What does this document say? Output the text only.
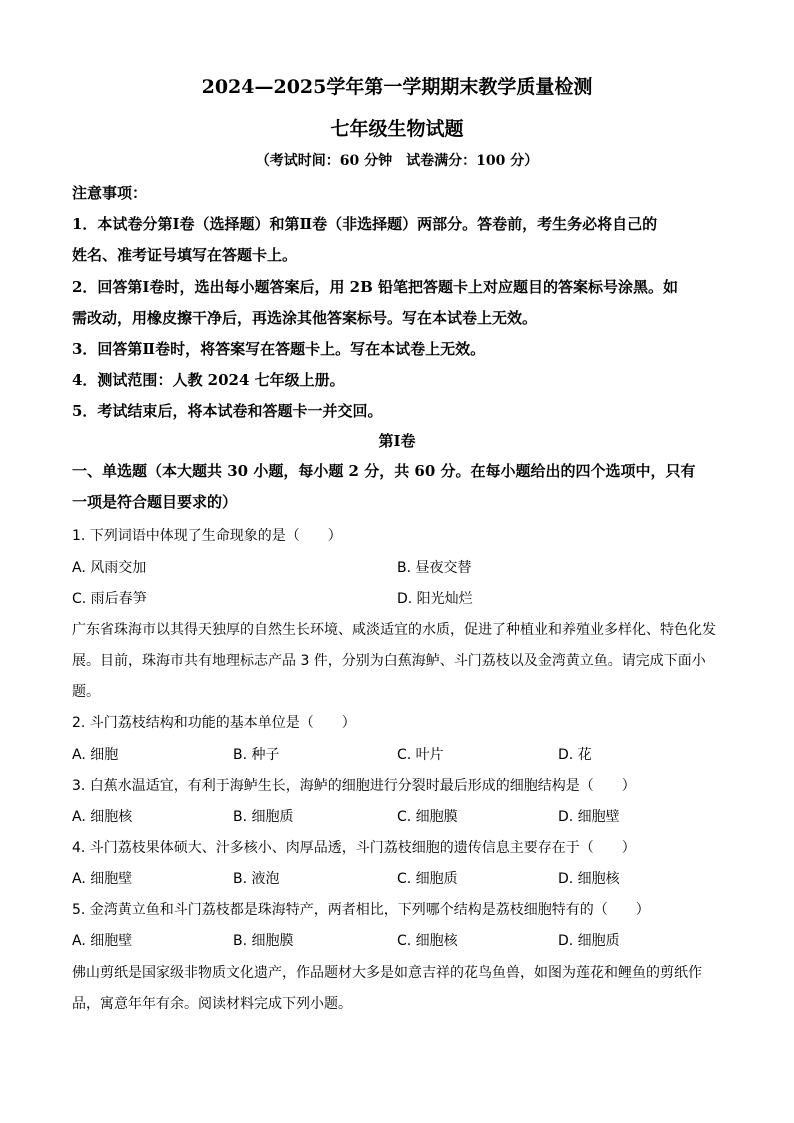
2024—2025学年第一学期期末教学质量检测
七年级生物试题
（考试时间：60 分钟　试卷满分：100 分）
注意事项：
1．本试卷分第Ⅰ卷（选择题）和第Ⅱ卷（非选择题）两部分。答卷前，考生务必将自己的
姓名、准考证号填写在答题卡上。
2．回答第Ⅰ卷时，选出每小题答案后，用 2B 铅笔把答题卡上对应题目的答案标号涂黑。如
需改动，用橡皮擦干净后，再选涂其他答案标号。写在本试卷上无效。
3．回答第Ⅱ卷时，将答案写在答题卡上。写在本试卷上无效。
4．测试范围：人教 2024 七年级上册。
5．考试结束后，将本试卷和答题卡一并交回。
第Ⅰ卷
一、单选题（本大题共 30 小题，每小题 2 分，共 60 分。在每小题给出的四个选项中，只有
一项是符合题目要求的）
1. 下列词语中体现了生命现象的是（　　）
A. 风雨交加	B. 昼夜交替
C. 雨后春笋	D. 阳光灿烂
广东省珠海市以其得天独厚的自然生长环境、咸淡适宜的水质，促进了种植业和养殖业多样化、特色化发
展。目前，珠海市共有地理标志产品 3 件，分别为白蕉海鲈、斗门荔枝以及金湾黄立鱼。请完成下面小
题。
2. 斗门荔枝结构和功能的基本单位是（　　）
A. 细胞	B. 种子	C. 叶片	D. 花
3. 白蕉水温适宜，有利于海鲈生长，海鲈的细胞进行分裂时最后形成的细胞结构是（　　）
A. 细胞核	B. 细胞质	C. 细胞膜	D. 细胞壁
4. 斗门荔枝果体硕大、汁多核小、肉厚品透，斗门荔枝细胞的遗传信息主要存在于（　　）
A. 细胞壁	B. 液泡	C. 细胞质	D. 细胞核
5. 金湾黄立鱼和斗门荔枝都是珠海特产，两者相比，下列哪个结构是荔枝细胞特有的（　　）
A. 细胞壁	B. 细胞膜	C. 细胞核	D. 细胞质
佛山剪纸是国家级非物质文化遗产，作品题材大多是如意吉祥的花鸟鱼兽，如图为莲花和鲤鱼的剪纸作
品，寓意年年有余。阅读材料完成下列小题。
